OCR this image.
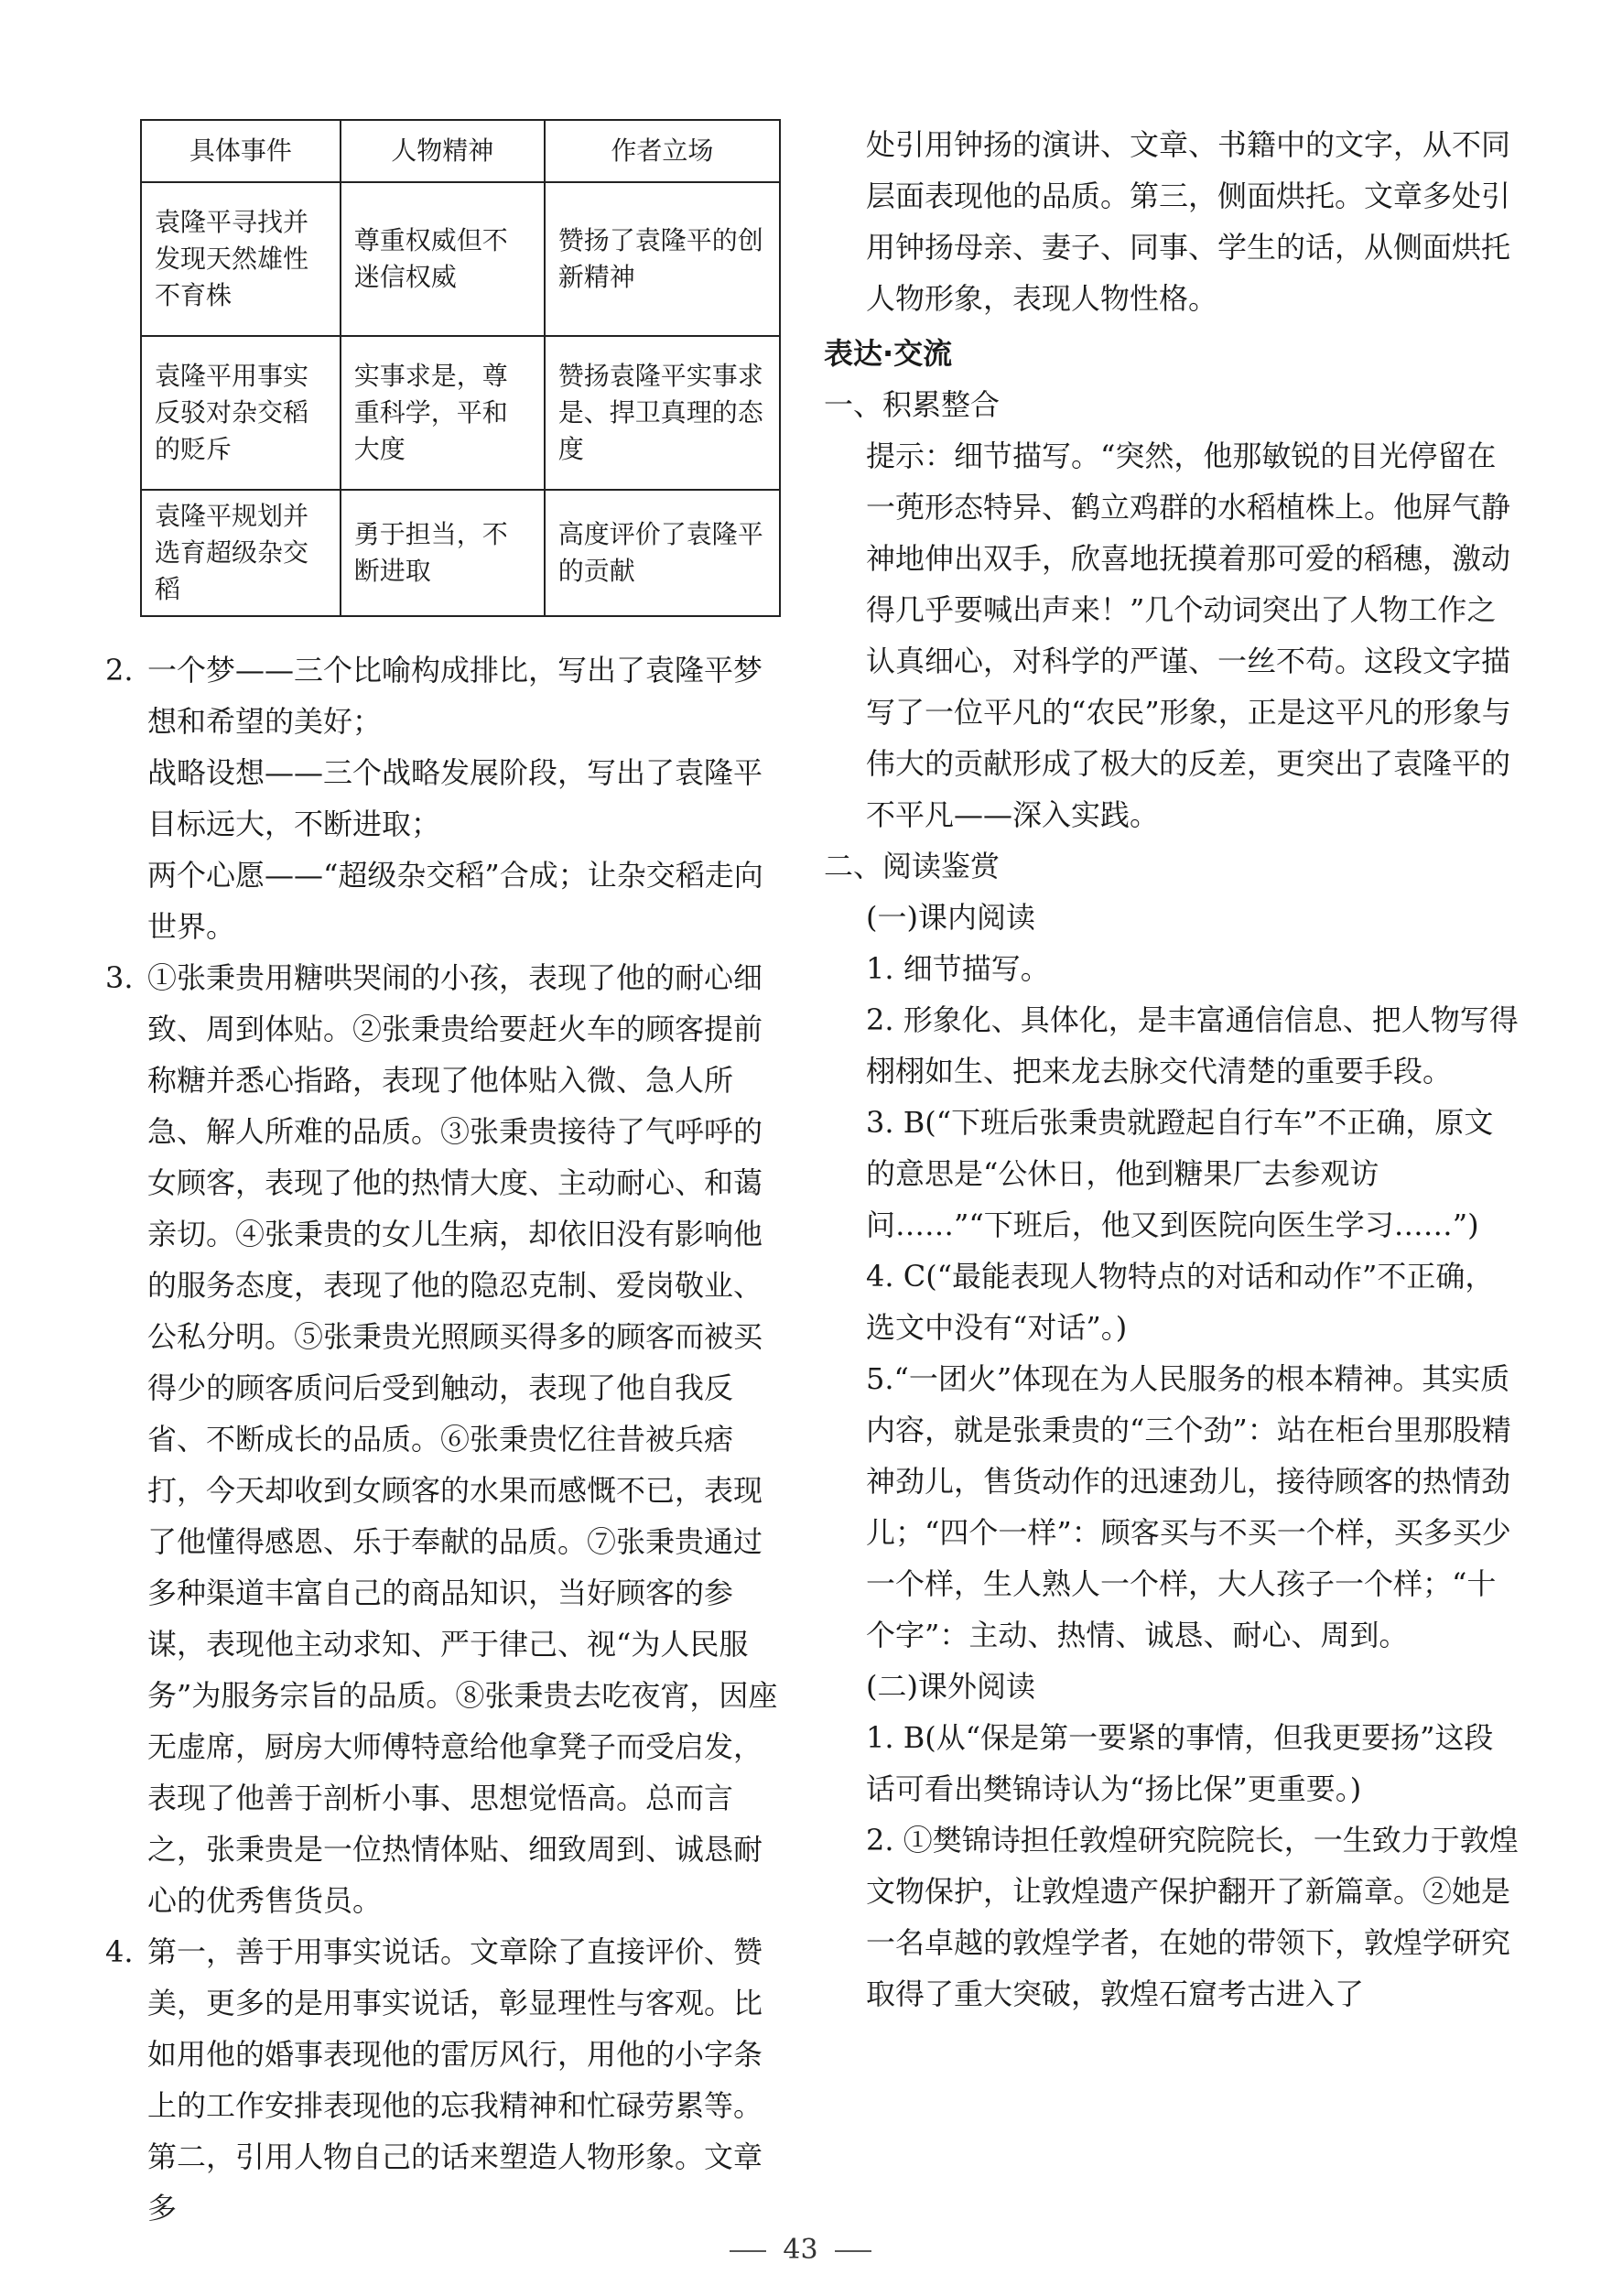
具体事件	人物精神	作者立场
袁隆平寻找并发现天然雄性不育株	尊重权威但不迷信权威	赞扬了袁隆平的创新精神
袁隆平用事实反驳对杂交稻的贬斥	实事求是，尊重科学，平和大度	赞扬袁隆平实事求是、捍卫真理的态度
袁隆平规划并选育超级杂交稻	勇于担当，不断进取	高度评价了袁隆平的贡献

2. 一个梦——三个比喻构成排比，写出了袁隆平梦想和希望的美好；

战略设想——三个战略发展阶段，写出了袁隆平目标远大，不断进取；

两个心愿——“超级杂交稻”合成；让杂交稻走向世界。

3. ①张秉贵用糖哄哭闹的小孩，表现了他的耐心细致、周到体贴。②张秉贵给要赶火车的顾客提前称糖并悉心指路，表现了他体贴入微、急人所急、解人所难的品质。③张秉贵接待了气呼呼的女顾客，表现了他的热情大度、主动耐心、和蔼亲切。④张秉贵的女儿生病，却依旧没有影响他的服务态度，表现了他的隐忍克制、爱岗敬业、公私分明。⑤张秉贵光照顾买得多的顾客而被买得少的顾客质问后受到触动，表现了他自我反省、不断成长的品质。⑥张秉贵忆往昔被兵痞打，今天却收到女顾客的水果而感慨不已，表现了他懂得感恩、乐于奉献的品质。⑦张秉贵通过多种渠道丰富自己的商品知识，当好顾客的参谋，表现他主动求知、严于律己、视“为人民服务”为服务宗旨的品质。⑧张秉贵去吃夜宵，因座无虚席，厨房大师傅特意给他拿凳子而受启发，表现了他善于剖析小事、思想觉悟高。总而言之，张秉贵是一位热情体贴、细致周到、诚恳耐心的优秀售货员。

4. 第一，善于用事实说话。文章除了直接评价、赞美，更多的是用事实说话，彰显理性与客观。比如用他的婚事表现他的雷厉风行，用他的小字条上的工作安排表现他的忘我精神和忙碌劳累等。第二，引用人物自己的话来塑造人物形象。文章多

处引用钟扬的演讲、文章、书籍中的文字，从不同层面表现他的品质。第三，侧面烘托。文章多处引用钟扬母亲、妻子、同事、学生的话，从侧面烘托人物形象，表现人物性格。

表达·交流

一、积累整合

提示：细节描写。“突然，他那敏锐的目光停留在一蔸形态特异、鹤立鸡群的水稻植株上。他屏气静神地伸出双手，欣喜地抚摸着那可爱的稻穗，激动得几乎要喊出声来！”几个动词突出了人物工作之认真细心，对科学的严谨、一丝不苟。这段文字描写了一位平凡的“农民”形象，正是这平凡的形象与伟大的贡献形成了极大的反差，更突出了袁隆平的不平凡——深入实践。

二、阅读鉴赏

(一)课内阅读

1. 细节描写。

2. 形象化、具体化，是丰富通信信息、把人物写得栩栩如生、把来龙去脉交代清楚的重要手段。

3. B(“下班后张秉贵就蹬起自行车”不正确，原文的意思是“公休日，他到糖果厂去参观访问……”“下班后，他又到医院向医生学习……”)

4. C(“最能表现人物特点的对话和动作”不正确，选文中没有“对话”。)

5.“一团火”体现在为人民服务的根本精神。其实质内容，就是张秉贵的“三个劲”：站在柜台里那股精神劲儿，售货动作的迅速劲儿，接待顾客的热情劲儿；“四个一样”：顾客买与不买一个样，买多买少一个样，生人熟人一个样，大人孩子一个样；“十个字”：主动、热情、诚恳、耐心、周到。

(二)课外阅读

1. B(从“保是第一要紧的事情，但我更要扬”这段话可看出樊锦诗认为“扬比保”更重要。)

2. ①樊锦诗担任敦煌研究院院长，一生致力于敦煌文物保护，让敦煌遗产保护翻开了新篇章。②她是一名卓越的敦煌学者，在她的带领下，敦煌学研究取得了重大突破，敦煌石窟考古进入了

43
